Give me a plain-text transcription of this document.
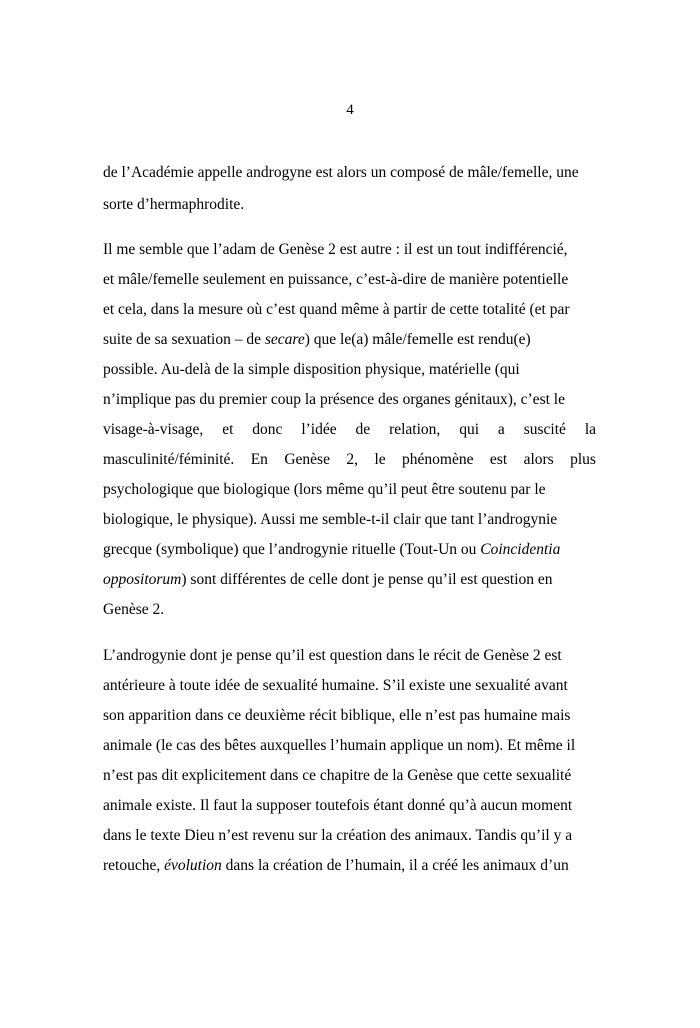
4
de l’Académie appelle androgyne est alors un composé de mâle/femelle, une
sorte d’hermaphrodite.
Il me semble que l’adam de Genèse 2 est autre : il est un tout indifférencié,
et mâle/femelle seulement en puissance, c’est-à-dire de manière potentielle
et cela, dans la mesure où c’est quand même à partir de cette totalité (et par
suite de sa sexuation – de secare) que le(a) mâle/femelle est rendu(e)
possible. Au-delà de la simple disposition physique, matérielle (qui
n’implique pas du premier coup la présence des organes génitaux), c’est le
visage-à-visage, et donc l’idée de relation, qui a suscité la
masculinité/féminité. En Genèse 2, le phénomène est alors plus
psychologique que biologique (lors même qu’il peut être soutenu par le
biologique, le physique). Aussi me semble-t-il clair que tant l’androgynie
grecque (symbolique) que l’androgynie rituelle (Tout-Un ou Coincidentia
oppositorum) sont différentes de celle dont je pense qu’il est question en
Genèse 2.
L’androgynie dont je pense qu’il est question dans le récit de Genèse 2 est
antérieure à toute idée de sexualité humaine. S’il existe une sexualité avant
son apparition dans ce deuxième récit biblique, elle n’est pas humaine mais
animale (le cas des bêtes auxquelles l’humain applique un nom). Et même il
n’est pas dit explicitement dans ce chapitre de la Genèse que cette sexualité
animale existe. Il faut la supposer toutefois étant donné qu’à aucun moment
dans le texte Dieu n’est revenu sur la création des animaux. Tandis qu’il y a
retouche, évolution dans la création de l’humain, il a créé les animaux d’un
